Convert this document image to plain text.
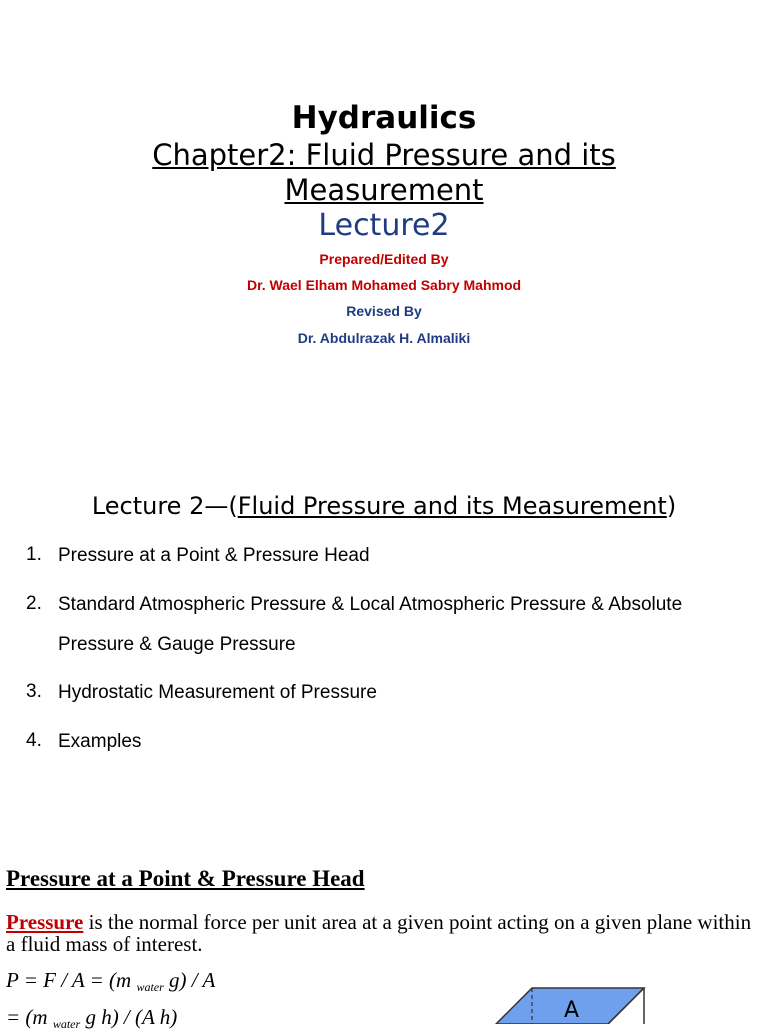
Hydraulics
Chapter2: Fluid Pressure and its Measurement
Lecture2
Prepared/Edited By
Dr. Wael Elham Mohamed Sabry Mahmod
Revised By
Dr. Abdulrazak H. Almaliki
Lecture 2—(Fluid Pressure and its Measurement)
1. Pressure at a Point & Pressure Head
2. Standard Atmospheric Pressure & Local Atmospheric Pressure & Absolute Pressure & Gauge Pressure
3. Hydrostatic Measurement of Pressure
4. Examples
Pressure at a Point & Pressure Head
Pressure is the normal force per unit area at a given point acting on a given plane within a fluid mass of interest.
P = F / A = (m $_{water}$ g) / A
= (m $_{water}$ g h) / (A h)	A
